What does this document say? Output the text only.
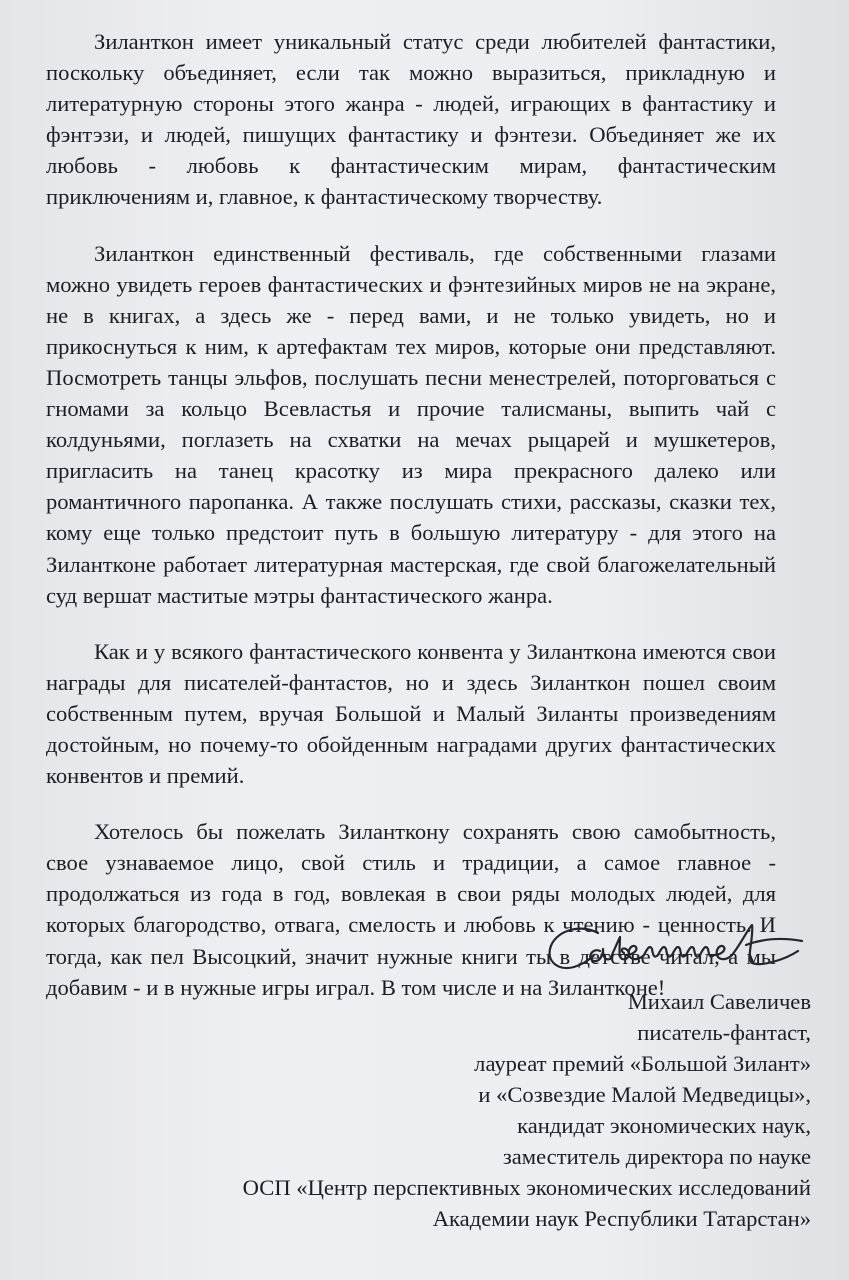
Зиланткон имеет уникальный статус среди любителей фантастики, поскольку объединяет, если так можно выразиться, прикладную и литературную стороны этого жанра - людей, играющих в фантастику и фэнтэзи, и людей, пишущих фантастику и фэнтези. Объединяет же их любовь - любовь к фантастическим мирам, фантастическим приключениям и, главное, к фантастическому творчеству.

Зиланткон единственный фестиваль, где собственными глазами можно увидеть героев фантастических и фэнтезийных миров не на экране, не в книгах, а здесь же - перед вами, и не только увидеть, но и прикоснуться к ним, к артефактам тех миров, которые они представляют. Посмотреть танцы эльфов, послушать песни менестрелей, поторговаться с гномами за кольцо Всевластья и прочие талисманы, выпить чай с колдуньями, поглазеть на схватки на мечах рыцарей и мушкетеров, пригласить на танец красотку из мира прекрасного далеко или романтичного паропанка. А также послушать стихи, рассказы, сказки тех, кому еще только предстоит путь в большую литературу - для этого на Зилантконе работает литературная мастерская, где свой благожелательный суд вершат маститые мэтры фантастического жанра.

Как и у всякого фантастического конвента у Зилантконa имеются свои награды для писателей-фантастов, но и здесь Зиланткон пошел своим собственным путем, вручая Большой и Малый Зиланты произведениям достойным, но почему-то обойденным наградами других фантастических конвентов и премий.

Хотелось бы пожелать Зилантконy сохранять свою самобытность, свое узнаваемое лицо, свой стиль и традиции, а самое главное - продолжаться из года в год, вовлекая в свои ряды молодых людей, для которых благородство, отвага, смелость и любовь к чтению - ценность. И тогда, как пел Высоцкий, значит нужные книги ты в детстве читал, а мы добавим - и в нужные игры играл. В том числе и на Зилантконе!

Михаил Савеличев
писатель-фантаст,
лауреат премий «Большой Зилант»
и «Созвездие Малой Медведицы»,
кандидат экономических наук,
заместитель директора по науке
ОСП «Центр перспективных экономических исследований
Академии наук Республики Татарстан»
